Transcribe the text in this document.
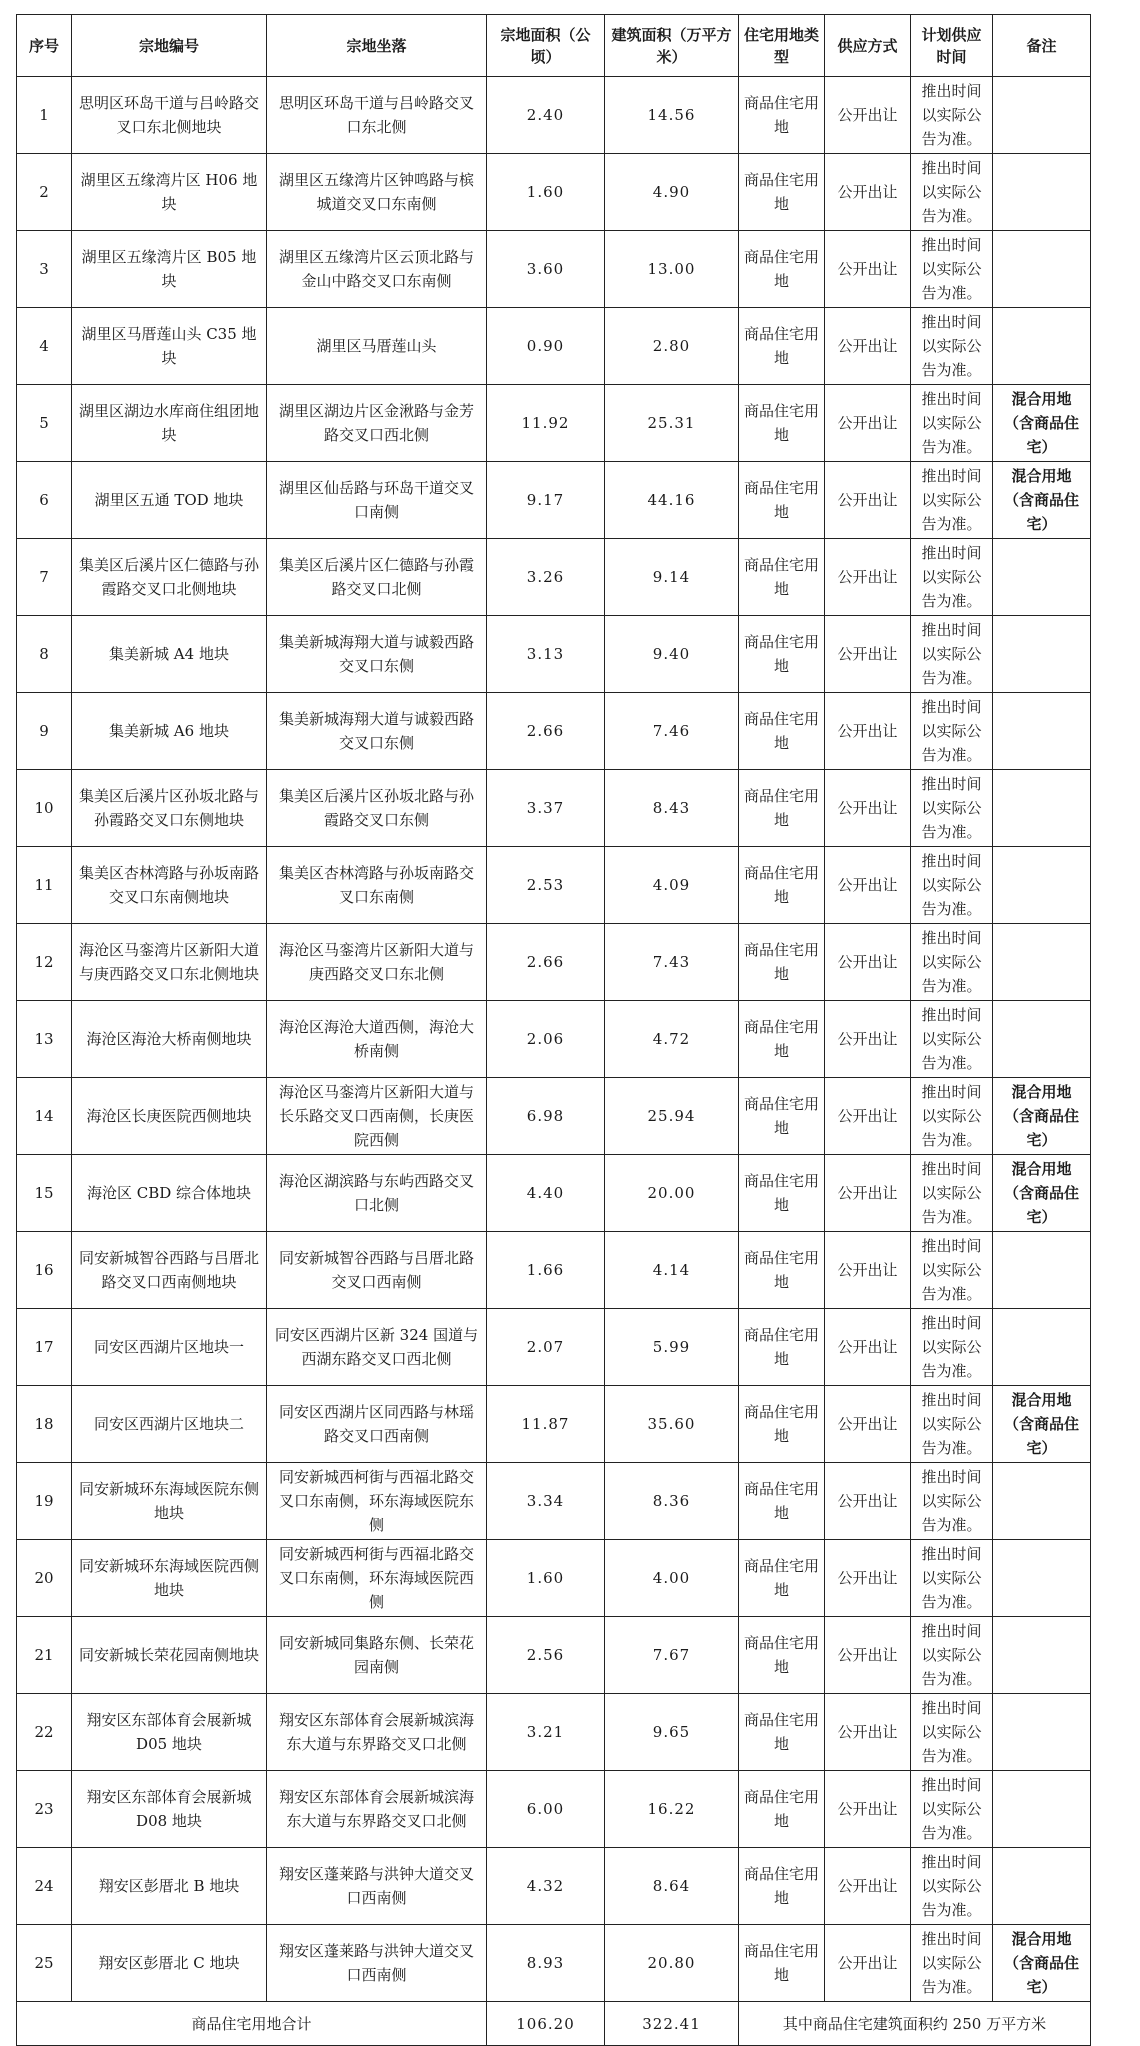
序号	宗地编号	宗地坐落	宗地面积（公顷）	建筑面积（万平方米）	住宅用地类型	供应方式	计划供应时间	备注
1	思明区环岛干道与吕岭路交叉口东北侧地块	思明区环岛干道与吕岭路交叉口东北侧	2.40	14.56	商品住宅用地	公开出让	推出时间以实际公告为准。	
2	湖里区五缘湾片区 H06 地块	湖里区五缘湾片区钟鸣路与槟城道交叉口东南侧	1.60	4.90	商品住宅用地	公开出让	推出时间以实际公告为准。	
3	湖里区五缘湾片区 B05 地块	湖里区五缘湾片区云顶北路与金山中路交叉口东南侧	3.60	13.00	商品住宅用地	公开出让	推出时间以实际公告为准。	
4	湖里区马厝莲山头 C35 地块	湖里区马厝莲山头	0.90	2.80	商品住宅用地	公开出让	推出时间以实际公告为准。	
5	湖里区湖边水库商住组团地块	湖里区湖边片区金湫路与金芳路交叉口西北侧	11.92	25.31	商品住宅用地	公开出让	推出时间以实际公告为准。	混合用地（含商品住宅）
6	湖里区五通 TOD 地块	湖里区仙岳路与环岛干道交叉口南侧	9.17	44.16	商品住宅用地	公开出让	推出时间以实际公告为准。	混合用地（含商品住宅）
7	集美区后溪片区仁德路与孙霞路交叉口北侧地块	集美区后溪片区仁德路与孙霞路交叉口北侧	3.26	9.14	商品住宅用地	公开出让	推出时间以实际公告为准。	
8	集美新城 A4 地块	集美新城海翔大道与诚毅西路交叉口东侧	3.13	9.40	商品住宅用地	公开出让	推出时间以实际公告为准。	
9	集美新城 A6 地块	集美新城海翔大道与诚毅西路交叉口东侧	2.66	7.46	商品住宅用地	公开出让	推出时间以实际公告为准。	
10	集美区后溪片区孙坂北路与孙霞路交叉口东侧地块	集美区后溪片区孙坂北路与孙霞路交叉口东侧	3.37	8.43	商品住宅用地	公开出让	推出时间以实际公告为准。	
11	集美区杏林湾路与孙坂南路交叉口东南侧地块	集美区杏林湾路与孙坂南路交叉口东南侧	2.53	4.09	商品住宅用地	公开出让	推出时间以实际公告为准。	
12	海沧区马銮湾片区新阳大道与庚西路交叉口东北侧地块	海沧区马銮湾片区新阳大道与庚西路交叉口东北侧	2.66	7.43	商品住宅用地	公开出让	推出时间以实际公告为准。	
13	海沧区海沧大桥南侧地块	海沧区海沧大道西侧，海沧大桥南侧	2.06	4.72	商品住宅用地	公开出让	推出时间以实际公告为准。	
14	海沧区长庚医院西侧地块	海沧区马銮湾片区新阳大道与长乐路交叉口西南侧，长庚医院西侧	6.98	25.94	商品住宅用地	公开出让	推出时间以实际公告为准。	混合用地（含商品住宅）
15	海沧区 CBD 综合体地块	海沧区湖滨路与东屿西路交叉口北侧	4.40	20.00	商品住宅用地	公开出让	推出时间以实际公告为准。	混合用地（含商品住宅）
16	同安新城智谷西路与吕厝北路交叉口西南侧地块	同安新城智谷西路与吕厝北路交叉口西南侧	1.66	4.14	商品住宅用地	公开出让	推出时间以实际公告为准。	
17	同安区西湖片区地块一	同安区西湖片区新 324 国道与西湖东路交叉口西北侧	2.07	5.99	商品住宅用地	公开出让	推出时间以实际公告为准。	
18	同安区西湖片区地块二	同安区西湖片区同西路与林瑶路交叉口西南侧	11.87	35.60	商品住宅用地	公开出让	推出时间以实际公告为准。	混合用地（含商品住宅）
19	同安新城环东海域医院东侧地块	同安新城西柯街与西福北路交叉口东南侧，环东海域医院东侧	3.34	8.36	商品住宅用地	公开出让	推出时间以实际公告为准。	
20	同安新城环东海域医院西侧地块	同安新城西柯街与西福北路交叉口东南侧，环东海域医院西侧	1.60	4.00	商品住宅用地	公开出让	推出时间以实际公告为准。	
21	同安新城长荣花园南侧地块	同安新城同集路东侧、长荣花园南侧	2.56	7.67	商品住宅用地	公开出让	推出时间以实际公告为准。	
22	翔安区东部体育会展新城 D05 地块	翔安区东部体育会展新城滨海东大道与东界路交叉口北侧	3.21	9.65	商品住宅用地	公开出让	推出时间以实际公告为准。	
23	翔安区东部体育会展新城 D08 地块	翔安区东部体育会展新城滨海东大道与东界路交叉口北侧	6.00	16.22	商品住宅用地	公开出让	推出时间以实际公告为准。	
24	翔安区彭厝北 B 地块	翔安区蓬莱路与洪钟大道交叉口西南侧	4.32	8.64	商品住宅用地	公开出让	推出时间以实际公告为准。	
25	翔安区彭厝北 C 地块	翔安区蓬莱路与洪钟大道交叉口西南侧	8.93	20.80	商品住宅用地	公开出让	推出时间以实际公告为准。	混合用地（含商品住宅）
商品住宅用地合计			106.20	322.41	其中商品住宅建筑面积约 250 万平方米			
